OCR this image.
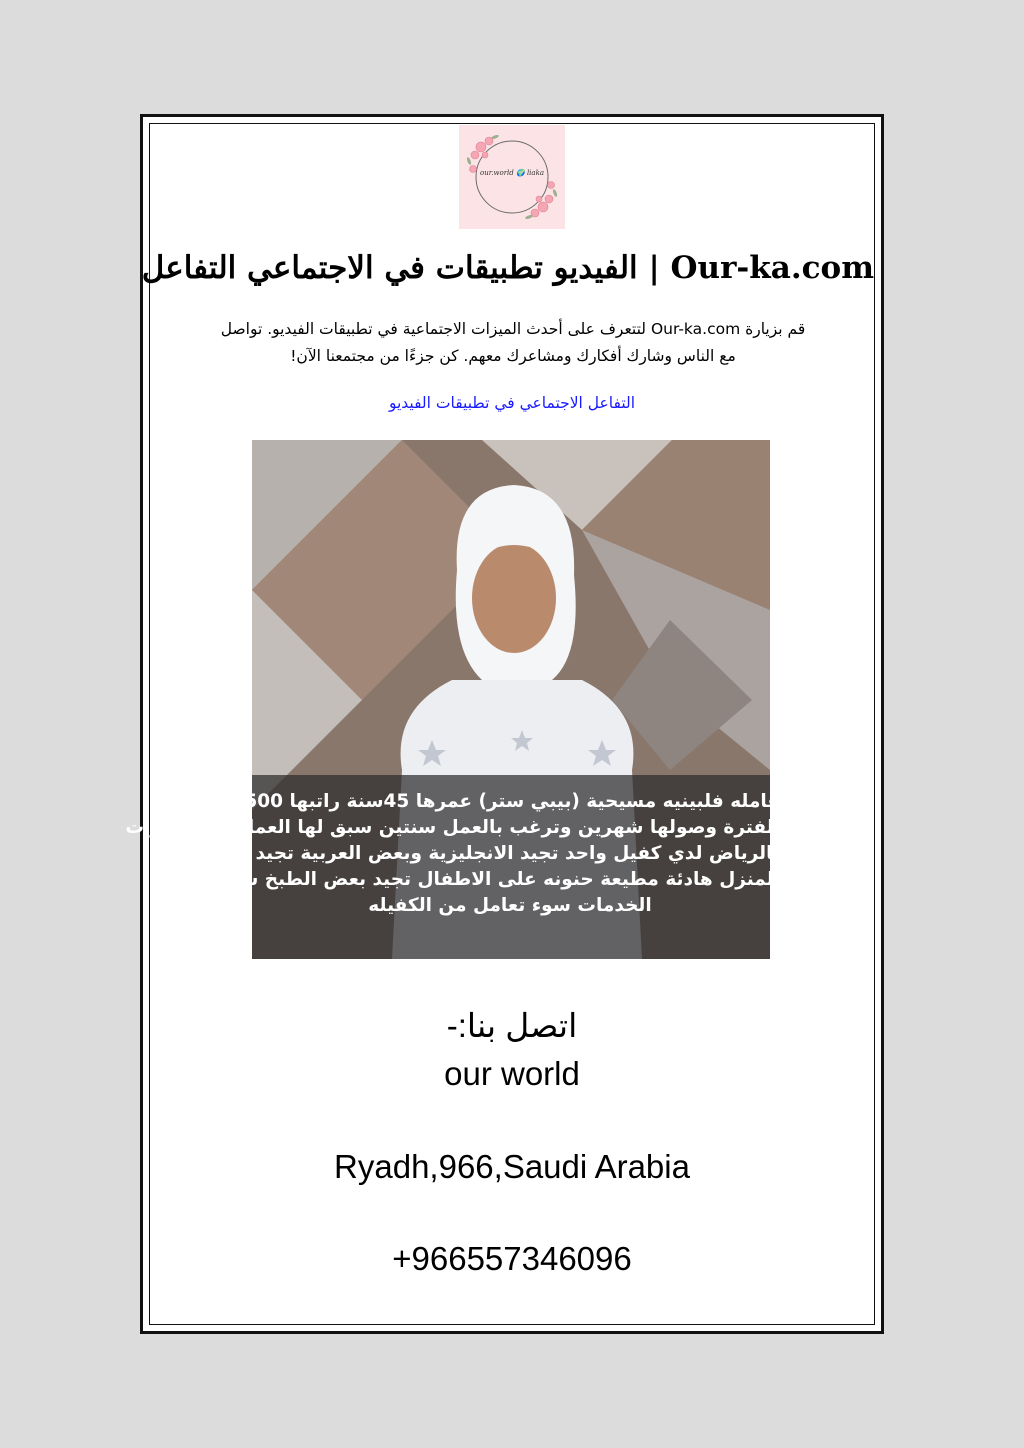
our.world 🌍 liaka
Our-ka.com | الفيديو تطبيقات في الاجتماعي التفاعل
قم بزيارة Our-ka.com لتتعرف على أحدث الميزات الاجتماعية في تطبيقات الفيديو. تواصل
مع الناس وشارك أفكارك ومشاعرك معهم. كن جزءًا من مجتمعنا الآن!
التفاعل الاجتماعي في تطبيقات الفيديو
عامله فلبينيه مسيحية (بيبي ستر) عمرها 45سنة راتبها 1500ريال
الفترة وصولها شهرين وترغب بالعمل سنتين سبق لها العمل ست سنوات
بالرياض لدي كفيل واحد تجيد الانجليزية وبعض العربية تجيد أعمال
المنزل هادئة مطيعة حنونه على الاطفال تجيد بعض الطبخ سبب نقل
الخدمات سوء تعامل من الكفيله
اتصل بنا:-
our world
Ryadh,966,Saudi Arabia
+966557346096
